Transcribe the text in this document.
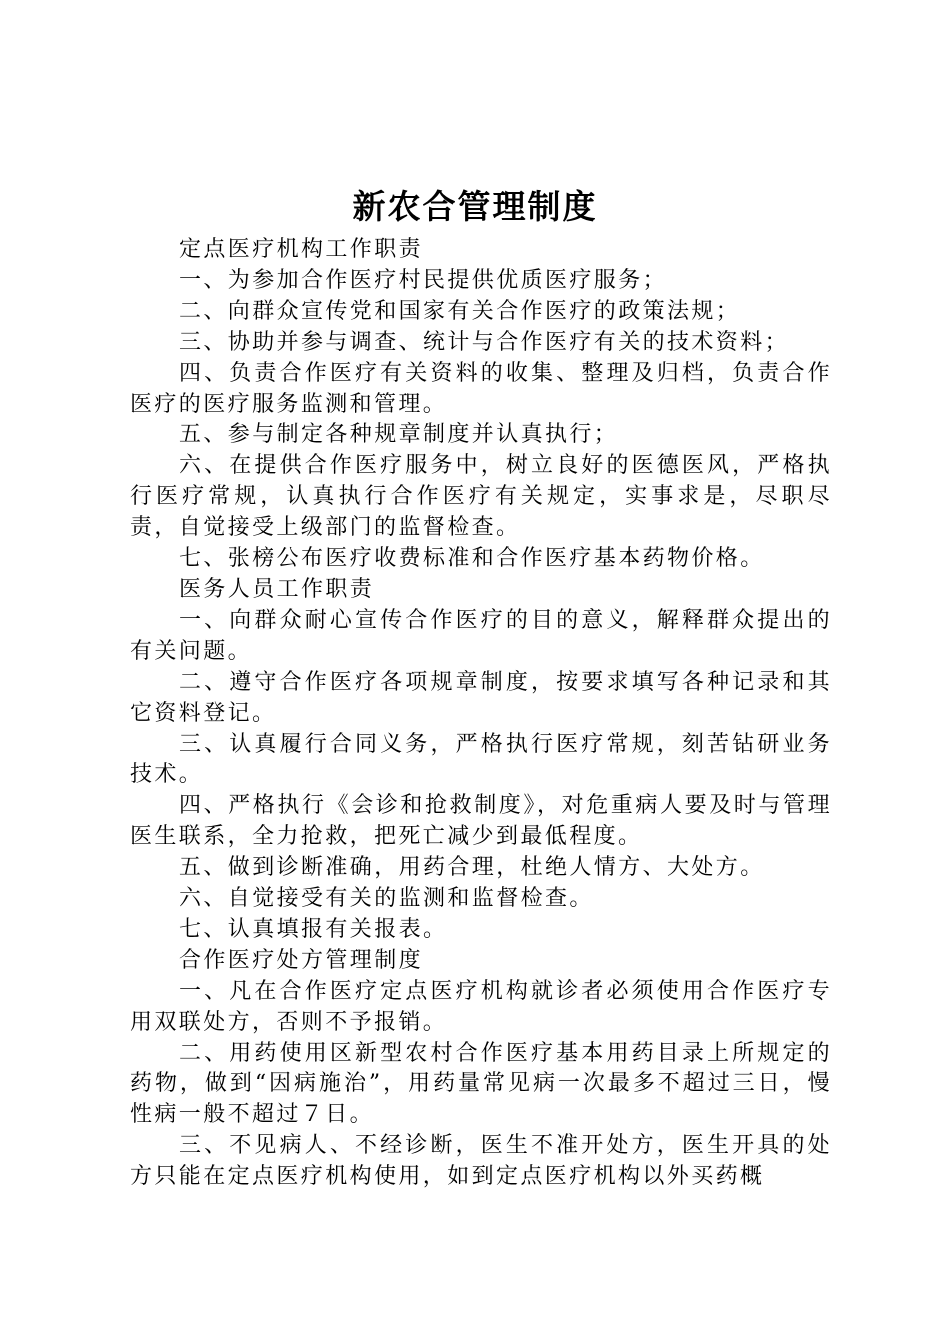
新农合管理制度

定点医疗机构工作职责

一、为参加合作医疗村民提供优质医疗服务；

二、向群众宣传党和国家有关合作医疗的政策法规；

三、协助并参与调查、统计与合作医疗有关的技术资料；

四、负责合作医疗有关资料的收集、整理及归档，负责合作医疗的医疗服务监测和管理。

五、参与制定各种规章制度并认真执行；

六、在提供合作医疗服务中，树立良好的医德医风，严格执行医疗常规，认真执行合作医疗有关规定，实事求是，尽职尽责，自觉接受上级部门的监督检查。

七、张榜公布医疗收费标准和合作医疗基本药物价格。

医务人员工作职责

一、向群众耐心宣传合作医疗的目的意义，解释群众提出的有关问题。

二、遵守合作医疗各项规章制度，按要求填写各种记录和其它资料登记。

三、认真履行合同义务，严格执行医疗常规，刻苦钻研业务技术。

四、严格执行《会诊和抢救制度》，对危重病人要及时与管理医生联系，全力抢救，把死亡减少到最低程度。

五、做到诊断准确，用药合理，杜绝人情方、大处方。

六、自觉接受有关的监测和监督检查。

七、认真填报有关报表。

合作医疗处方管理制度

一、凡在合作医疗定点医疗机构就诊者必须使用合作医疗专用双联处方，否则不予报销。

二、用药使用区新型农村合作医疗基本用药目录上所规定的药物，做到“因病施治”，用药量常见病一次最多不超过三日，慢性病一般不超过７日。

三、不见病人、不经诊断，医生不准开处方，医生开具的处方只能在定点医疗机构使用，如到定点医疗机构以外买药概
